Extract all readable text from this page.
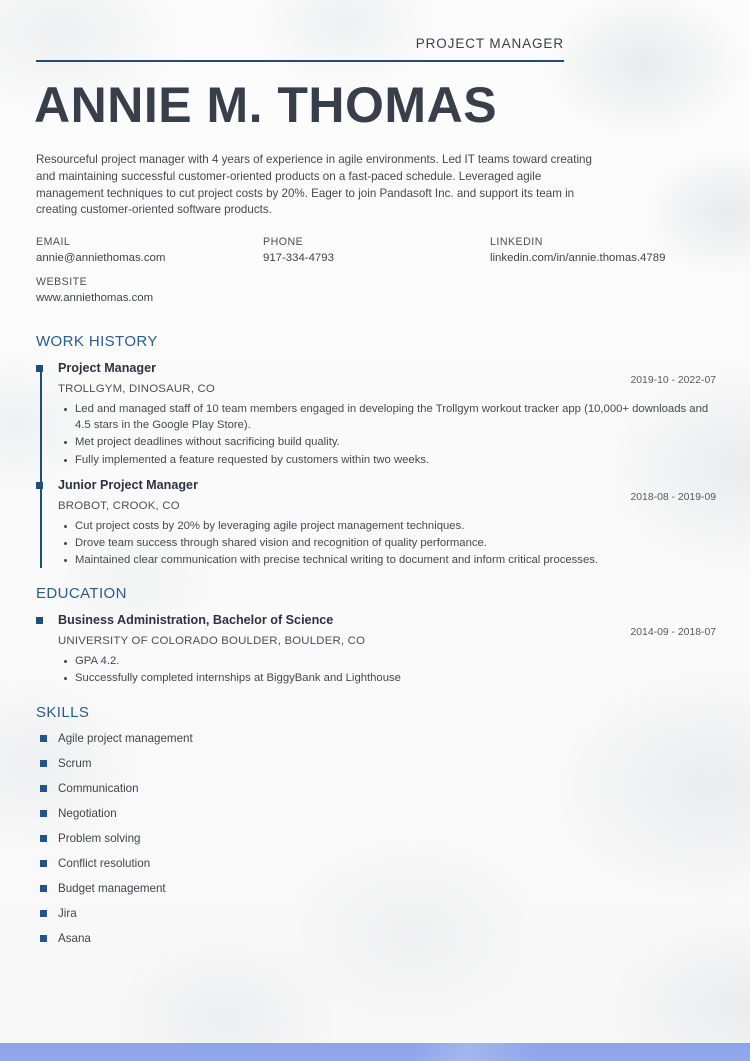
PROJECT MANAGER
ANNIE M. THOMAS
Resourceful project manager with 4 years of experience in agile environments. Led IT teams toward creating and maintaining successful customer-oriented products on a fast-paced schedule. Leveraged agile management techniques to cut project costs by 20%. Eager to join Pandasoft Inc. and support its team in creating customer-oriented software products.
EMAIL
annie@anniethomas.com
PHONE
917-334-4793
LINKEDIN
linkedin.com/in/annie.thomas.4789
WEBSITE
www.anniethomas.com
WORK HISTORY
Project Manager
TROLLGYM, DINOSAUR, CO
2019-10 - 2022-07
Led and managed staff of 10 team members engaged in developing the Trollgym workout tracker app (10,000+ downloads and 4.5 stars in the Google Play Store).
Met project deadlines without sacrificing build quality.
Fully implemented a feature requested by customers within two weeks.
Junior Project Manager
BROBOT, CROOK, CO
2018-08 - 2019-09
Cut project costs by 20% by leveraging agile project management techniques.
Drove team success through shared vision and recognition of quality performance.
Maintained clear communication with precise technical writing to document and inform critical processes.
EDUCATION
Business Administration, Bachelor of Science
UNIVERSITY OF COLORADO BOULDER, BOULDER, CO
2014-09 - 2018-07
GPA 4.2.
Successfully completed internships at BiggyBank and Lighthouse
SKILLS
Agile project management
Scrum
Communication
Negotiation
Problem solving
Conflict resolution
Budget management
Jira
Asana
